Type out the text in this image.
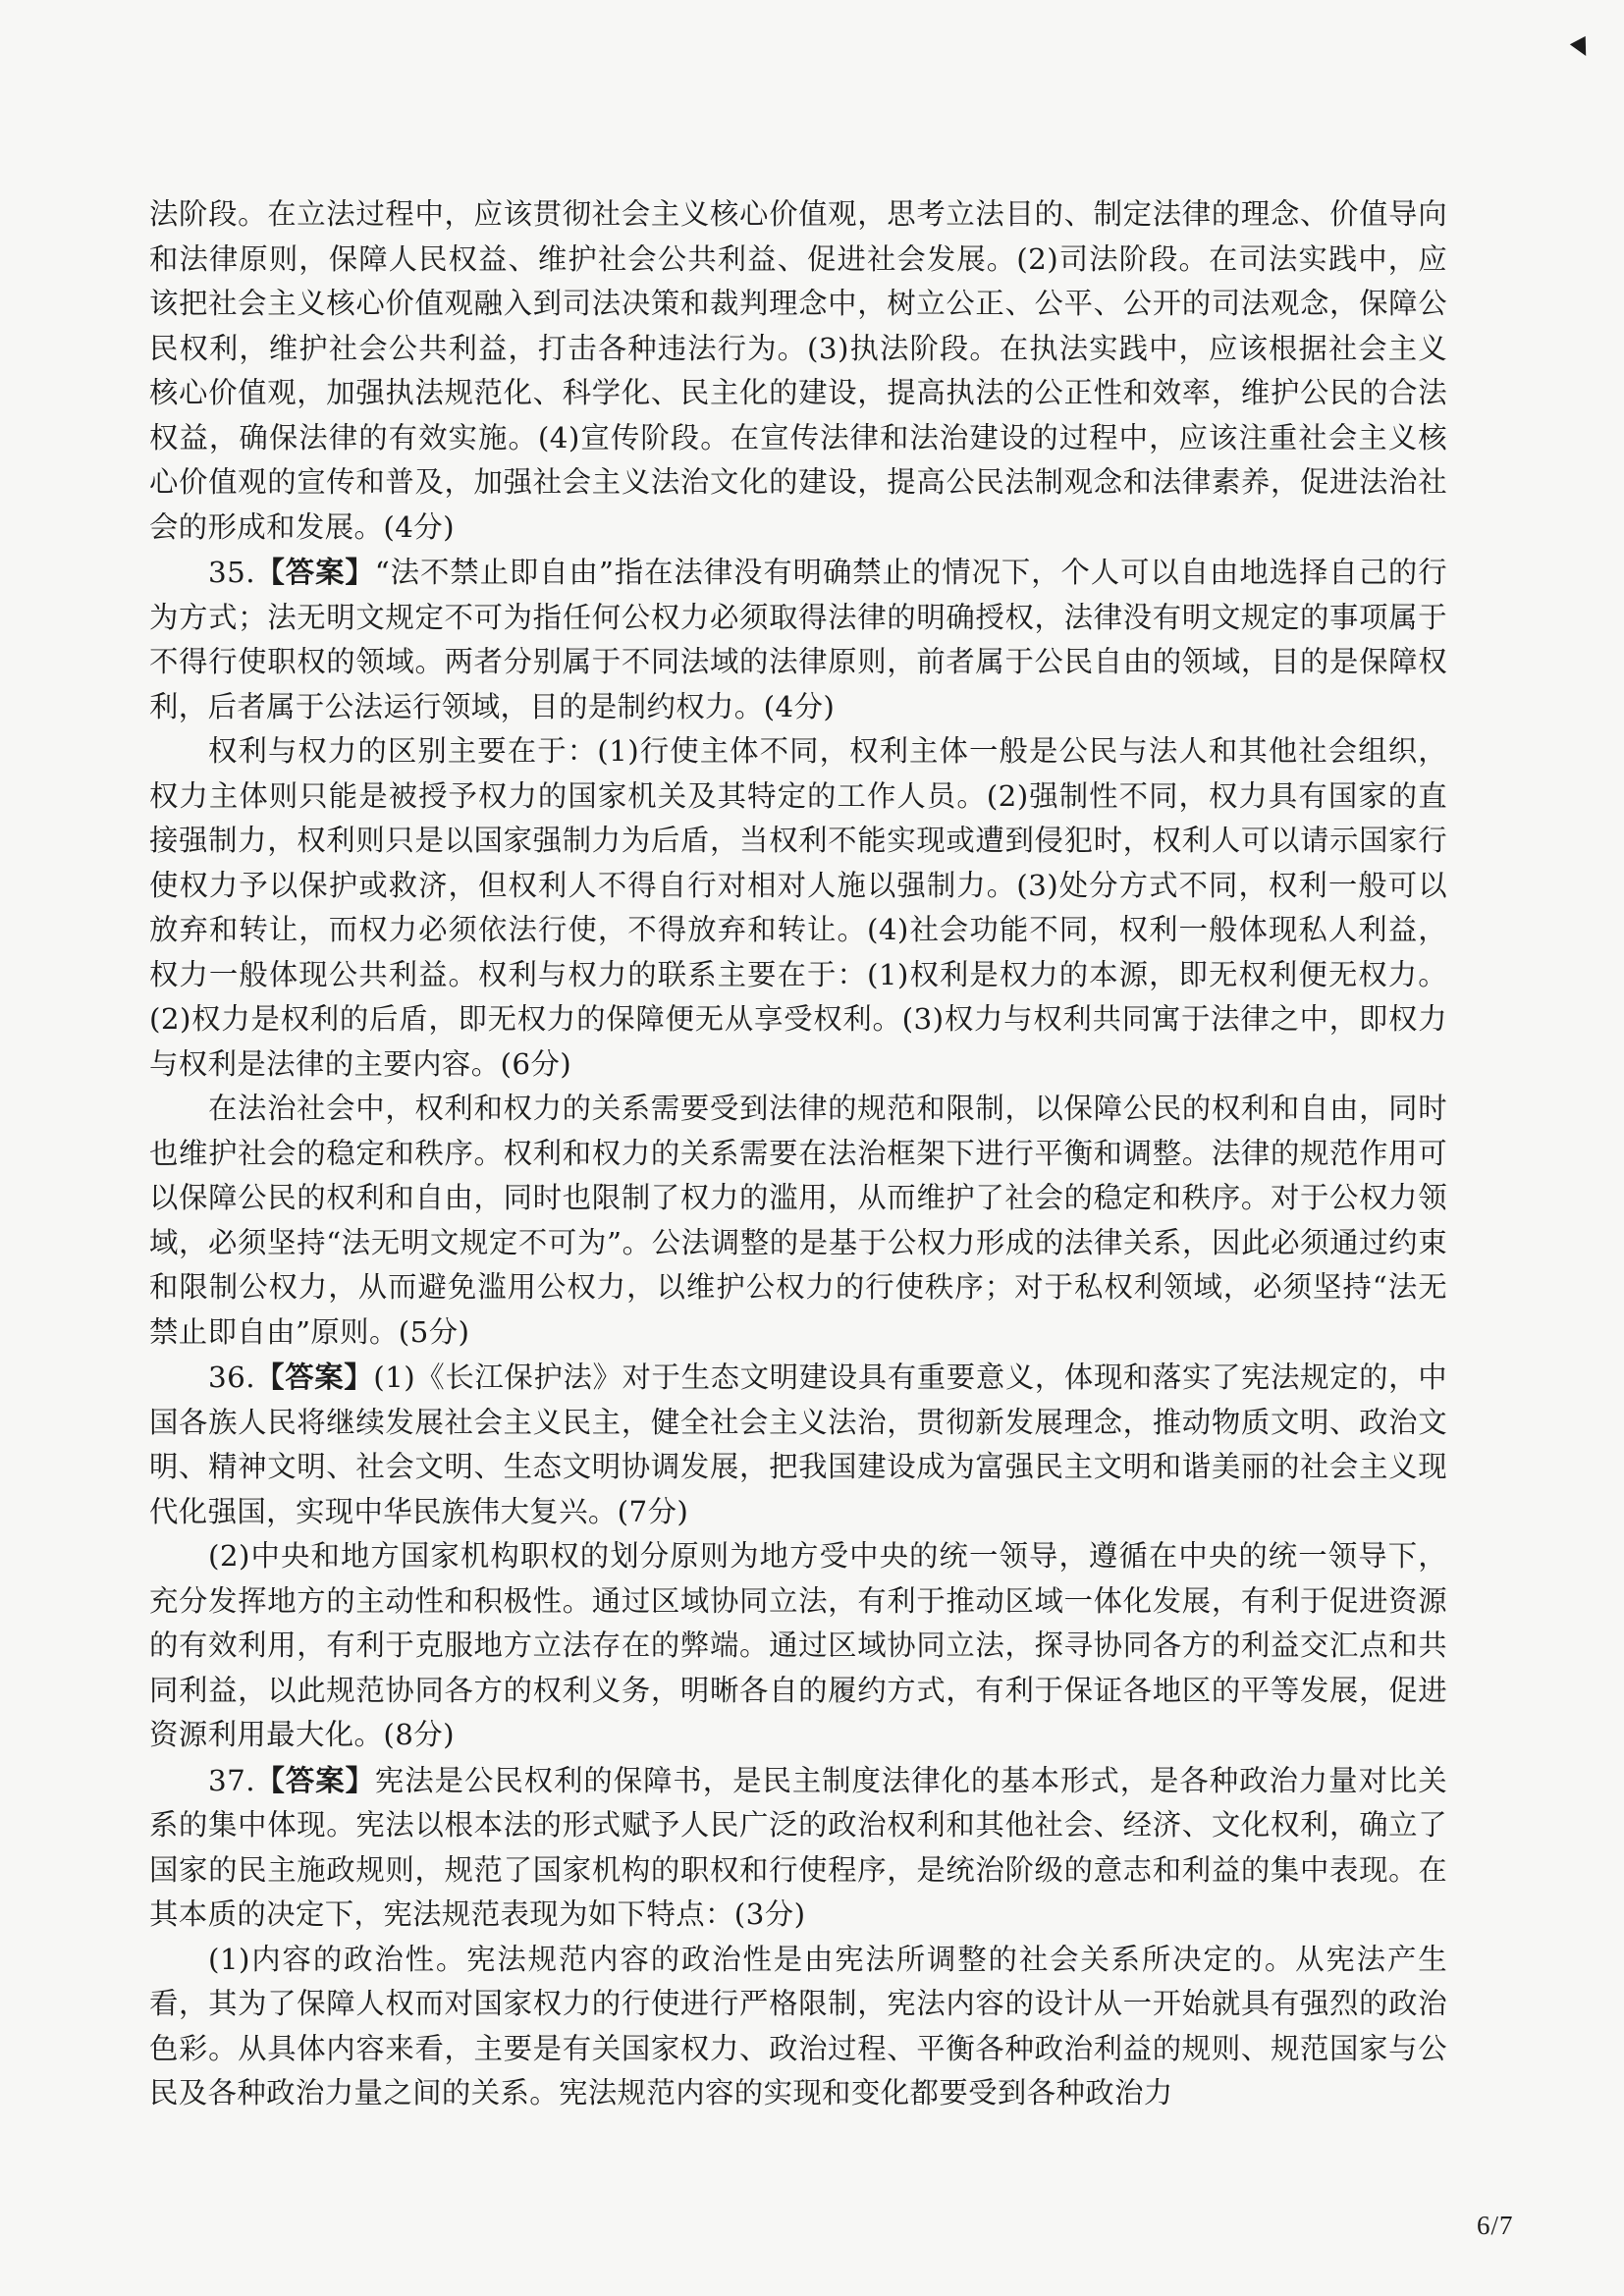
法阶段。在立法过程中，应该贯彻社会主义核心价值观，思考立法目的、制定法律的理念、价值导向和法律原则，保障人民权益、维护社会公共利益、促进社会发展。(2)司法阶段。在司法实践中，应该把社会主义核心价值观融入到司法决策和裁判理念中，树立公正、公平、公开的司法观念，保障公民权利，维护社会公共利益，打击各种违法行为。(3)执法阶段。在执法实践中，应该根据社会主义核心价值观，加强执法规范化、科学化、民主化的建设，提高执法的公正性和效率，维护公民的合法权益，确保法律的有效实施。(4)宣传阶段。在宣传法律和法治建设的过程中，应该注重社会主义核心价值观的宣传和普及，加强社会主义法治文化的建设，提高公民法制观念和法律素养，促进法治社会的形成和发展。(4分)

35.【答案】“法不禁止即自由”指在法律没有明确禁止的情况下，个人可以自由地选择自己的行为方式；法无明文规定不可为指任何公权力必须取得法律的明确授权，法律没有明文规定的事项属于不得行使职权的领域。两者分别属于不同法域的法律原则，前者属于公民自由的领域，目的是保障权利，后者属于公法运行领域，目的是制约权力。(4分)

权利与权力的区别主要在于：(1)行使主体不同，权利主体一般是公民与法人和其他社会组织，权力主体则只能是被授予权力的国家机关及其特定的工作人员。(2)强制性不同，权力具有国家的直接强制力，权利则只是以国家强制力为后盾，当权利不能实现或遭到侵犯时，权利人可以请示国家行使权力予以保护或救济，但权利人不得自行对相对人施以强制力。(3)处分方式不同，权利一般可以放弃和转让，而权力必须依法行使，不得放弃和转让。(4)社会功能不同，权利一般体现私人利益，权力一般体现公共利益。权利与权力的联系主要在于：(1)权利是权力的本源，即无权利便无权力。(2)权力是权利的后盾，即无权力的保障便无从享受权利。(3)权力与权利共同寓于法律之中，即权力与权利是法律的主要内容。(6分)

在法治社会中，权利和权力的关系需要受到法律的规范和限制，以保障公民的权利和自由，同时也维护社会的稳定和秩序。权利和权力的关系需要在法治框架下进行平衡和调整。法律的规范作用可以保障公民的权利和自由，同时也限制了权力的滥用，从而维护了社会的稳定和秩序。对于公权力领域，必须坚持“法无明文规定不可为”。公法调整的是基于公权力形成的法律关系，因此必须通过约束和限制公权力，从而避免滥用公权力，以维护公权力的行使秩序；对于私权利领域，必须坚持“法无禁止即自由”原则。(5分)

36.【答案】(1)《长江保护法》对于生态文明建设具有重要意义，体现和落实了宪法规定的，中国各族人民将继续发展社会主义民主，健全社会主义法治，贯彻新发展理念，推动物质文明、政治文明、精神文明、社会文明、生态文明协调发展，把我国建设成为富强民主文明和谐美丽的社会主义现代化强国，实现中华民族伟大复兴。(7分)

(2)中央和地方国家机构职权的划分原则为地方受中央的统一领导，遵循在中央的统一领导下，充分发挥地方的主动性和积极性。通过区域协同立法，有利于推动区域一体化发展，有利于促进资源的有效利用，有利于克服地方立法存在的弊端。通过区域协同立法，探寻协同各方的利益交汇点和共同利益，以此规范协同各方的权利义务，明晰各自的履约方式，有利于保证各地区的平等发展，促进资源利用最大化。(8分)

37.【答案】宪法是公民权利的保障书，是民主制度法律化的基本形式，是各种政治力量对比关系的集中体现。宪法以根本法的形式赋予人民广泛的政治权利和其他社会、经济、文化权利，确立了国家的民主施政规则，规范了国家机构的职权和行使程序，是统治阶级的意志和利益的集中表现。在其本质的决定下，宪法规范表现为如下特点：(3分)

(1)内容的政治性。宪法规范内容的政治性是由宪法所调整的社会关系所决定的。从宪法产生看，其为了保障人权而对国家权力的行使进行严格限制，宪法内容的设计从一开始就具有强烈的政治色彩。从具体内容来看，主要是有关国家权力、政治过程、平衡各种政治利益的规则、规范国家与公民及各种政治力量之间的关系。宪法规范内容的实现和变化都要受到各种政治力

6/7
